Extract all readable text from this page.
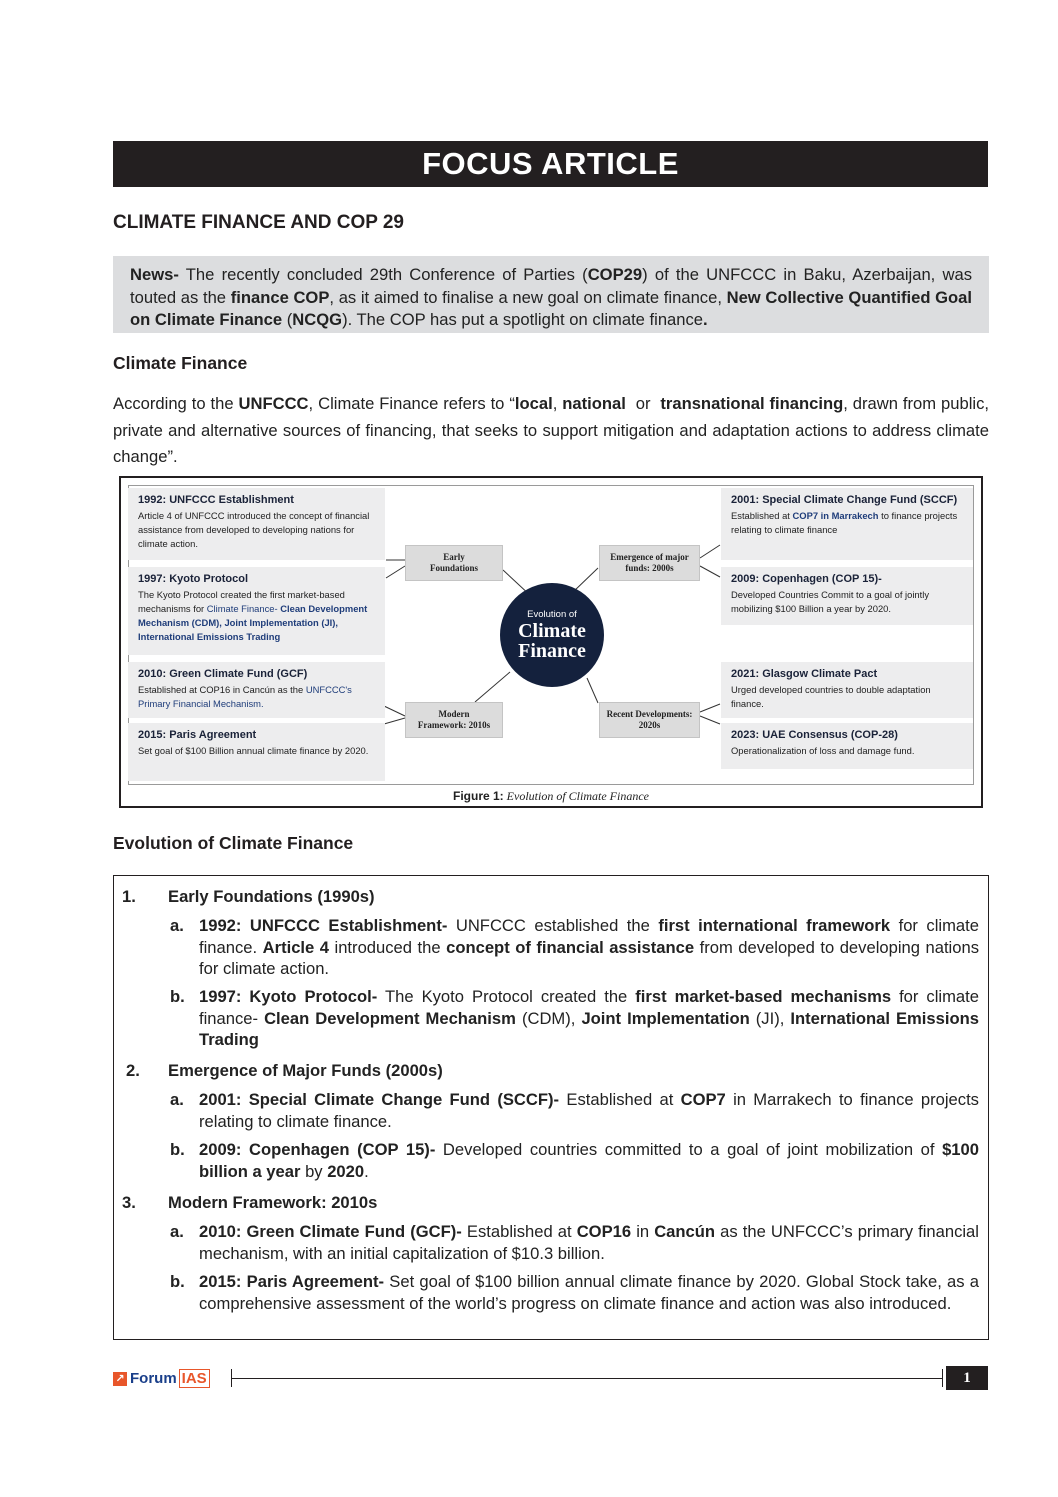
FOCUS ARTICLE
CLIMATE FINANCE AND COP 29
News- The recently concluded 29th Conference of Parties (COP29) of the UNFCCC in Baku, Azerbaijan, was touted as the finance COP, as it aimed to finalise a new goal on climate finance, New Collective Quantified Goal on Climate Finance (NCQG). The COP has put a spotlight on climate finance.
Climate Finance
According to the UNFCCC, Climate Finance refers to “local, national  or  transnational financing, drawn from public, private and alternative sources of financing, that seeks to support mitigation and adaptation actions to address climate change”.
Figure 1: Evolution of Climate Finance
1992: UNFCCC Establishment
Article 4 of UNFCCC introduced the concept of financial assistance from developed to developing nations for climate action.
1997: Kyoto Protocol
The Kyoto Protocol created the first market-based mechanisms for Climate Finance- Clean Development Mechanism (CDM), Joint Implementation (JI), International Emissions Trading
2010: Green Climate Fund (GCF)
Established at COP16 in Cancún as the UNFCCC's Primary Financial Mechanism.
2015: Paris Agreement
Set goal of $100 Billion annual climate finance by 2020.
2001: Special Climate Change Fund (SCCF)
Established at COP7 in Marrakech to finance projects relating to climate finance
2009: Copenhagen (COP 15)-
Developed Countries Commit to a goal of jointly mobilizing $100 Billion a year by 2020.
2021: Glasgow Climate Pact
Urged developed countries to double adaptation finance.
2023: UAE Consensus (COP-28)
Operationalization of loss and damage fund.
Early Foundations
Emergence of major funds: 2000s
Modern Framework: 2010s
Recent Developments: 2020s
Evolution of
Climate
Finance
Evolution of Climate Finance
1. Early Foundations (1990s)
a. 1992: UNFCCC Establishment- UNFCCC established the first international framework for climate finance. Article 4 introduced the concept of financial assistance from developed to developing nations for climate action.
b. 1997: Kyoto Protocol- The Kyoto Protocol created the first market-based mechanisms for climate finance- Clean Development Mechanism (CDM), Joint Implementation (JI), International Emissions Trading
2. Emergence of Major Funds (2000s)
a. 2001: Special Climate Change Fund (SCCF)- Established at COP7 in Marrakech to finance projects relating to climate finance.
b. 2009: Copenhagen (COP 15)- Developed countries committed to a goal of joint mobilization of $100 billion a year by 2020.
3. Modern Framework: 2010s
a. 2010: Green Climate Fund (GCF)- Established at COP16 in Cancún as the UNFCCC’s primary financial mechanism, with an initial capitalization of $10.3 billion.
b. 2015: Paris Agreement- Set goal of $100 billion annual climate finance by 2020. Global Stock take, as a comprehensive assessment of the world’s progress on climate finance and action was also introduced.
↗ Forum IAS	1
